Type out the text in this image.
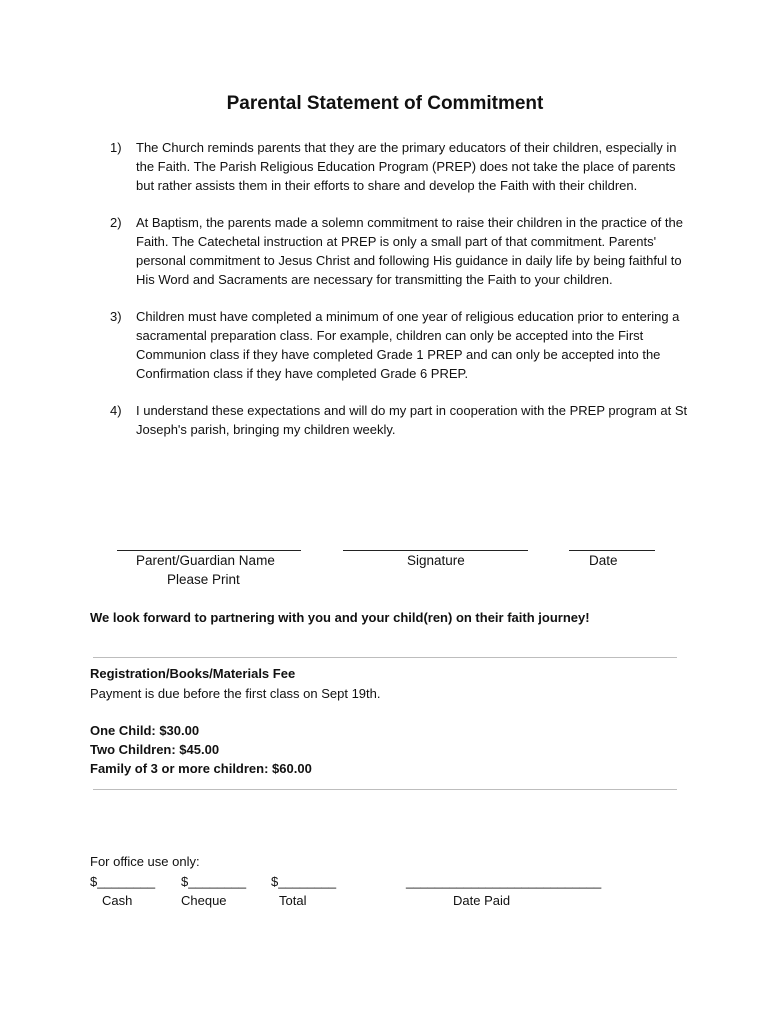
Parental Statement of Commitment
1) The Church reminds parents that they are the primary educators of their children, especially in the Faith. The Parish Religious Education Program (PREP) does not take the place of parents but rather assists them in their efforts to share and develop the Faith with their children.
2) At Baptism, the parents made a solemn commitment to raise their children in the practice of the Faith. The Catechetal instruction at PREP is only a small part of that commitment. Parents' personal commitment to Jesus Christ and following His guidance in daily life by being faithful to His Word and Sacraments are necessary for transmitting the Faith to your children.
3) Children must have completed a minimum of one year of religious education prior to entering a sacramental preparation class. For example, children can only be accepted into the First Communion class if they have completed Grade 1 PREP and can only be accepted into the Confirmation class if they have completed Grade 6 PREP.
4) I understand these expectations and will do my part in cooperation with the PREP program at St Joseph's parish, bringing my children weekly.
Parent/Guardian Name
Please Print
Signature	Date
We look forward to partnering with you and your child(ren) on their faith journey!
Registration/Books/Materials Fee
Payment is due before the first class on Sept 19th.
One Child: $30.00
Two Children: $45.00
Family of 3 or more children: $60.00
For office use only:
$________ $________ $________	___________________________
Cash	Cheque	Total	Date Paid
